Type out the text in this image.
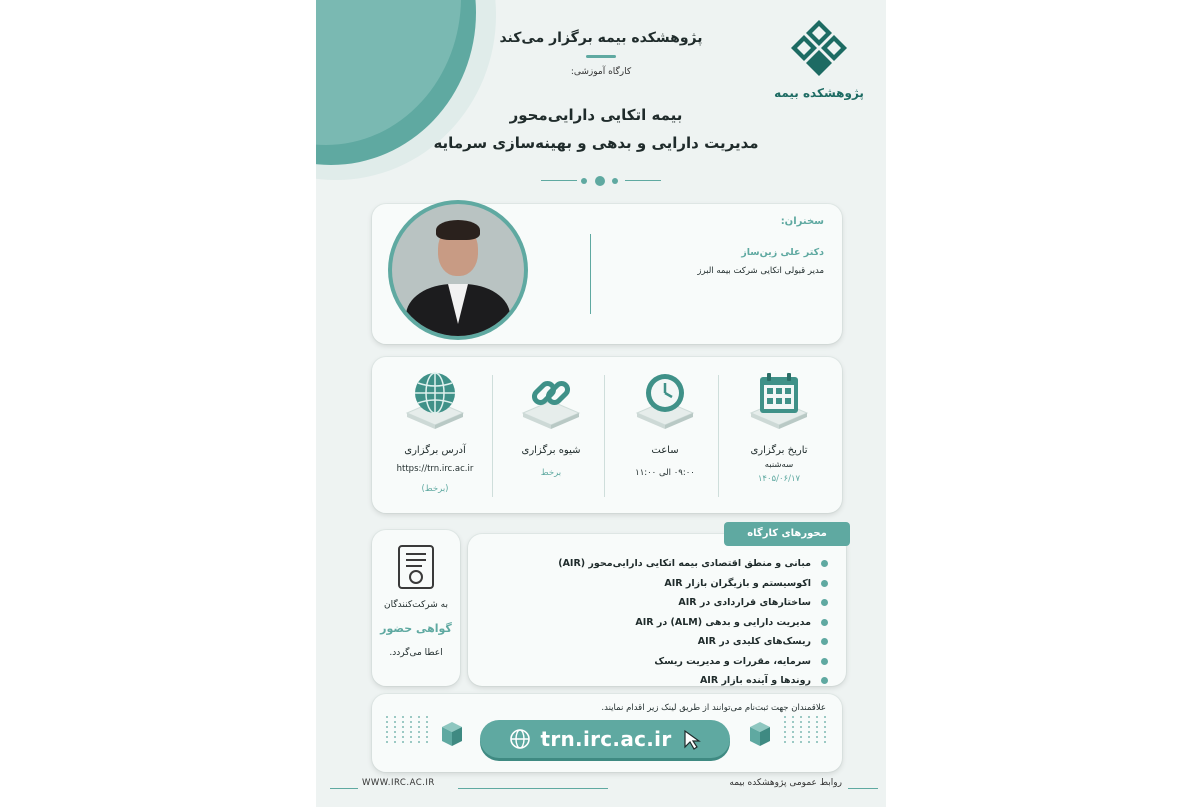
پژوهشکده بیمه
پژوهشکده بیمه برگزار می‌کند
کارگاه آموزشی:
بیمه اتکایی دارایی‌محور
مدیریت دارایی و بدهی و بهینه‌سازی سرمایه
سخنران:
دکتر علی زین‌ساز
مدیر قبولی اتکایی شرکت بیمه البرز
آدرس برگزاری
https://trn.irc.ac.ir
(برخط)
شیوه برگزاری
برخط
ساعت
۰۹:۰۰ الی ۱۱:۰۰
تاریخ برگزاری
سه‌شنبه
۱۴۰۵/۰۶/۱۷
به شرکت‌کنندگان
گواهی حضور
اعطا می‌گردد.
مبانی و منطق اقتصادی بیمه اتکایی دارایی‌محور (AIR)
اکوسیستم و بازیگران بازار AIR
ساختارهای قراردادی در AIR
مدیریت دارایی و بدهی (ALM) در AIR
ریسک‌های کلیدی در AIR
سرمایه، مقررات و مدیریت ریسک
روندها و آینده بازار AIR
محورهای کارگاه
علاقمندان جهت ثبت‌نام می‌توانند از طریق لینک زیر اقدام نمایند.
trn.irc.ac.ir
WWW.IRC.AC.IR	روابط عمومی پژوهشکده بیمه
